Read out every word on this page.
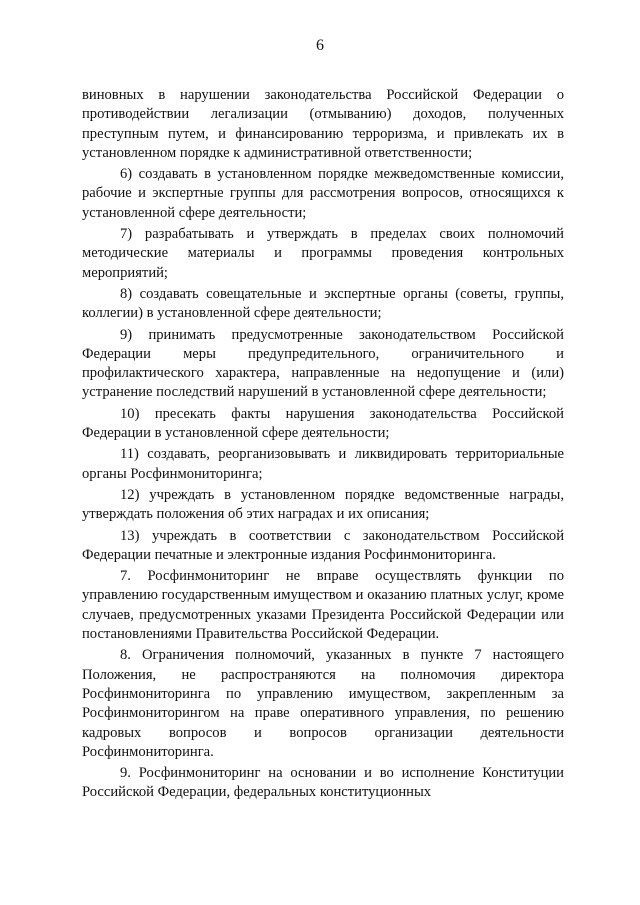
6

виновных в нарушении законодательства Российской Федерации о противодействии легализации (отмыванию) доходов, полученных преступным путем, и финансированию терроризма, и привлекать их в установленном порядке к административной ответственности;

6) создавать в установленном порядке межведомственные комиссии, рабочие и экспертные группы для рассмотрения вопросов, относящихся к установленной сфере деятельности;

7) разрабатывать и утверждать в пределах своих полномочий методические материалы и программы проведения контрольных мероприятий;

8) создавать совещательные и экспертные органы (советы, группы, коллегии) в установленной сфере деятельности;

9) принимать предусмотренные законодательством Российской Федерации меры предупредительного, ограничительного и профилактического характера, направленные на недопущение и (или) устранение последствий нарушений в установленной сфере деятельности;

10) пресекать факты нарушения законодательства Российской Федерации в установленной сфере деятельности;

11) создавать, реорганизовывать и ликвидировать территориальные органы Росфинмониторинга;

12) учреждать в установленном порядке ведомственные награды, утверждать положения об этих наградах и их описания;

13) учреждать в соответствии с законодательством Российской Федерации печатные и электронные издания Росфинмониторинга.

7. Росфинмониторинг не вправе осуществлять функции по управлению государственным имуществом и оказанию платных услуг, кроме случаев, предусмотренных указами Президента Российской Федерации или постановлениями Правительства Российской Федерации.

8. Ограничения полномочий, указанных в пункте 7 настоящего Положения, не распространяются на полномочия директора Росфинмониторинга по управлению имуществом, закрепленным за Росфинмониторингом на праве оперативного управления, по решению кадровых вопросов и вопросов организации деятельности Росфинмониторинга.

9. Росфинмониторинг на основании и во исполнение Конституции Российской Федерации, федеральных конституционных
